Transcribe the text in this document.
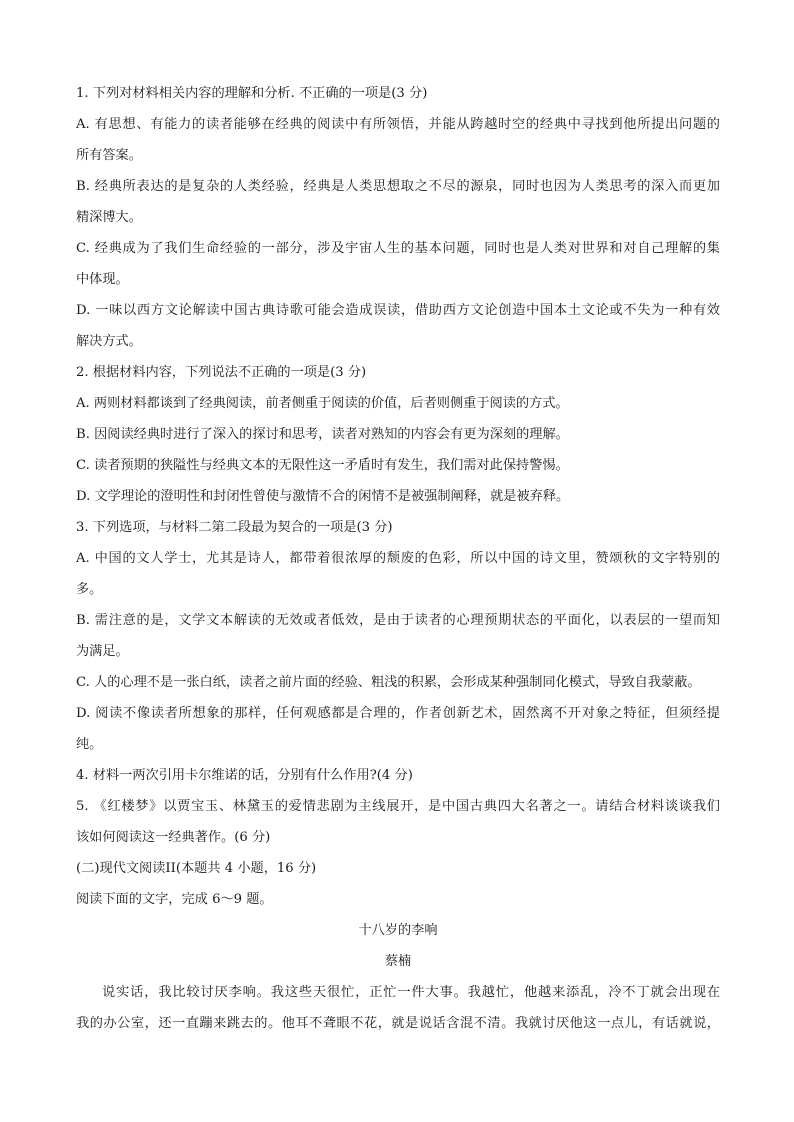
1. 下列对材料相关内容的理解和分析. 不正确的一项是(3 分)
A. 有思想、有能力的读者能够在经典的阅读中有所领悟，并能从跨越时空的经典中寻找到他所提出问题的
所有答案。
B. 经典所表达的是复杂的人类经验，经典是人类思想取之不尽的源泉，同时也因为人类思考的深入而更加
精深博大。
C. 经典成为了我们生命经验的一部分，涉及宇宙人生的基本问题，同时也是人类对世界和对自己理解的集
中体现。
D. 一味以西方文论解读中国古典诗歌可能会造成误读，借助西方文论创造中国本土文论或不失为一种有效
解决方式。
2. 根据材料内容，下列说法不正确的一项是(3 分)
A. 两则材料都谈到了经典阅读，前者侧重于阅读的价值，后者则侧重于阅读的方式。
B. 因阅读经典时进行了深入的探讨和思考，读者对熟知的内容会有更为深刻的理解。
C. 读者预期的狭隘性与经典文本的无限性这一矛盾时有发生，我们需对此保持警惕。
D. 文学理论的澄明性和封闭性曾使与激情不合的闲情不是被强制阐释，就是被弃释。
3. 下列选项，与材料二第二段最为契合的一项是(3 分)
A. 中国的文人学士，尤其是诗人，都带着很浓厚的颓废的色彩，所以中国的诗文里，赞颂秋的文字特别的
多。
B. 需注意的是，文学文本解读的无效或者低效，是由于读者的心理预期状态的平面化，以表层的一望而知
为满足。
C. 人的心理不是一张白纸，读者之前片面的经验、粗浅的积累，会形成某种强制同化模式，导致自我蒙蔽。
D. 阅读不像读者所想象的那样，任何观感都是合理的，作者创新艺术，固然离不开对象之特征，但须经提
纯。
4. 材料一两次引用卡尔维诺的话，分别有什么作用?(4 分)
5. 《红楼梦》以贾宝玉、林黛玉的爱情悲剧为主线展开，是中国古典四大名著之一。请结合材料谈谈我们
该如何阅读这一经典著作。(6 分)
(二)现代文阅读II(本题共 4 小题，16 分)
阅读下面的文字，完成 6～9 题。
十八岁的李响
蔡楠
说实话，我比较讨厌李响。我这些天很忙，正忙一件大事。我越忙，他越来添乱，冷不丁就会出现在
我的办公室，还一直蹦来跳去的。他耳不聋眼不花，就是说话含混不清。我就讨厌他这一点儿，有话就说，
